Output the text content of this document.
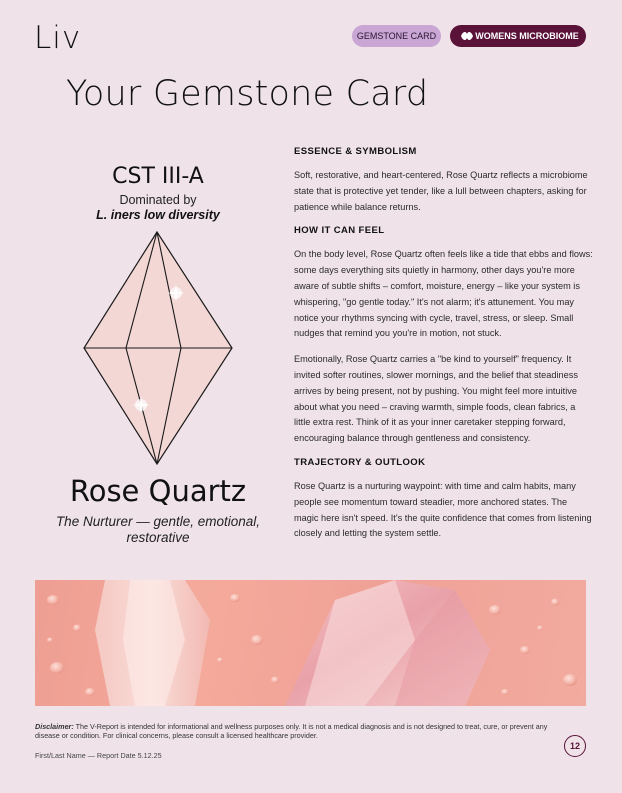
Liv	GEMSTONE CARD	WOMENS MICROBIOME
Your Gemstone Card
CST III-A
Dominated by
L. iners low diversity
Rose Quartz
The Nurturer — gentle, emotional, restorative
ESSENCE & SYMBOLISM

Soft, restorative, and heart-centered, Rose Quartz reflects a microbiome state that is protective yet tender, like a lull between chapters, asking for patience while balance returns.

HOW IT CAN FEEL

On the body level, Rose Quartz often feels like a tide that ebbs and flows: some days everything sits quietly in harmony, other days you're more aware of subtle shifts – comfort, moisture, energy – like your system is whispering, "go gentle today." It's not alarm; it's attunement. You may notice your rhythms syncing with cycle, travel, stress, or sleep. Small nudges that remind you you're in motion, not stuck.

Emotionally, Rose Quartz carries a "be kind to yourself" frequency. It invited softer routines, slower mornings, and the belief that steadiness arrives by being present, not by pushing. You might feel more intuitive about what you need – craving warmth, simple foods, clean fabrics, a little extra rest. Think of it as your inner caretaker stepping forward, encouraging balance through gentleness and consistency.

TRAJECTORY & OUTLOOK

Rose Quartz is a nurturing waypoint: with time and calm habits, many people see momentum toward steadier, more anchored states. The magic here isn't speed. It's the quite confidence that comes from listening closely and letting the system settle.

Disclaimer: The V-Report is intended for informational and wellness purposes only. It is not a medical diagnosis and is not designed to treat, cure, or prevent any disease or condition. For clinical concerns, please consult a licensed healthcare provider.
First/Last Name — Report Date 5.12.25
12
